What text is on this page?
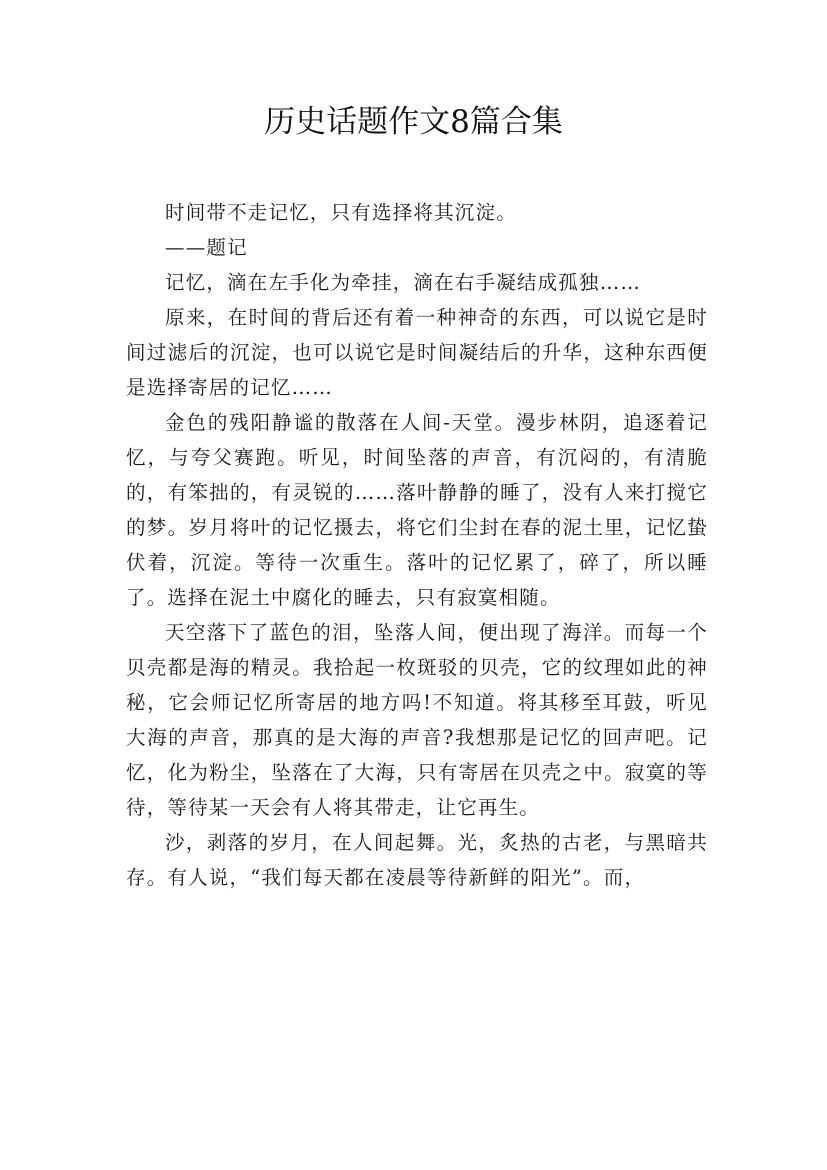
历史话题作文8篇合集

时间带不走记忆，只有选择将其沉淀。

——题记

记忆，滴在左手化为牵挂，滴在右手凝结成孤独……

原来，在时间的背后还有着一种神奇的东西，可以说它是时间过滤后的沉淀，也可以说它是时间凝结后的升华，这种东西便是选择寄居的记忆……

金色的残阳静谧的散落在人间-天堂。漫步林阴，追逐着记忆，与夸父赛跑。听见，时间坠落的声音，有沉闷的，有清脆的，有笨拙的，有灵锐的……落叶静静的睡了，没有人来打搅它的梦。岁月将叶的记忆摄去，将它们尘封在春的泥土里，记忆蛰伏着，沉淀。等待一次重生。落叶的记忆累了，碎了，所以睡了。选择在泥土中腐化的睡去，只有寂寞相随。

天空落下了蓝色的泪，坠落人间，便出现了海洋。而每一个贝壳都是海的精灵。我拾起一枚斑驳的贝壳，它的纹理如此的神秘，它会师记忆所寄居的地方吗!不知道。将其移至耳鼓，听见大海的声音，那真的是大海的声音?我想那是记忆的回声吧。记忆，化为粉尘，坠落在了大海，只有寄居在贝壳之中。寂寞的等待，等待某一天会有人将其带走，让它再生。

沙，剥落的岁月，在人间起舞。光，炙热的古老，与黑暗共存。有人说，“我们每天都在凌晨等待新鲜的阳光”。而，
